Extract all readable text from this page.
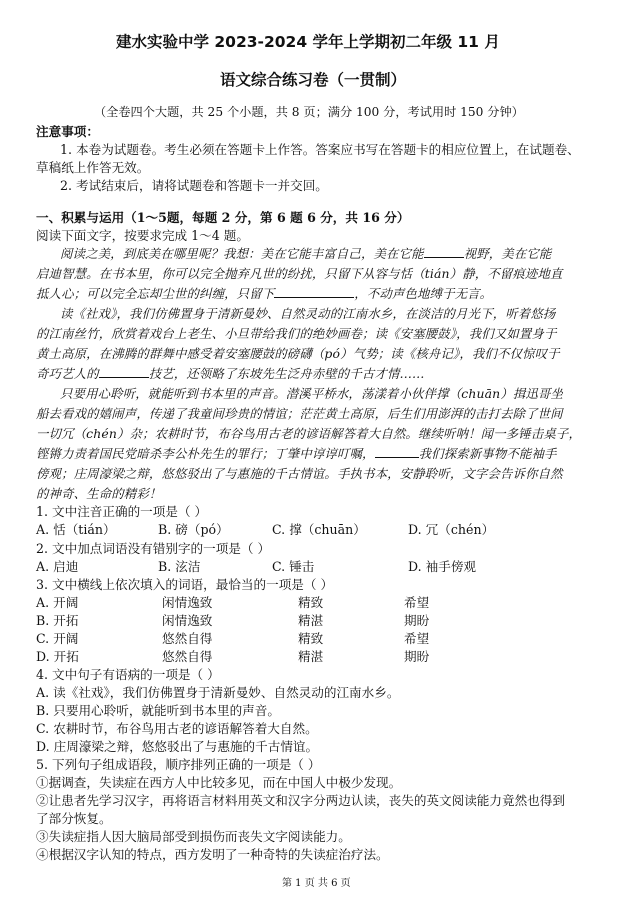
建水实验中学 2023-2024 学年上学期初二年级 11 月
语文综合练习卷（一贯制）
（全卷四个大题，共 25 个小题，共 8 页；满分 100 分，考试用时 150 分钟）
注意事项：
1. 本卷为试题卷。考生必须在答题卡上作答。答案应书写在答题卡的相应位置上，在试题卷、
草稿纸上作答无效。
2. 考试结束后，请将试题卷和答题卡一并交回。
一、积累与运用（1～5题，每题 2 分，第 6 题 6 分，共 16 分）
阅读下面文字，按要求完成 1～4 题。
阅读之美，到底美在哪里呢？我想：美在它能丰富自己，美在它能	视野，美在它能
启迪智慧。在书本里，你可以完全抛弃凡世的纷扰，只留下从容与恬（tián）静，不留痕迹地直
抵人心；可以完全忘却尘世的纠缠，只留下	，不动声色地缚于无言。
读《社戏》，我们仿佛置身于清新曼妙、自然灵动的江南水乡，在淡洁的月光下，听着悠扬
的江南丝竹，欣赏着戏台上老生、小旦带给我们的绝妙画卷；读《安塞腰鼓》，我们又如置身于
黄土高原，在沸腾的群舞中感受着安塞腰鼓的磅礴（pó）气势；读《核舟记》，我们不仅惊叹于
奇巧艺人的	技艺，还领略了东坡先生泛舟赤壁的千古才情……
只要用心聆听，就能听到书本里的声音。潜溪平桥水，荡漾着小伙伴撑（chuān）揖迅哥坐
船去看戏的嬉闹声，传递了我童间珍贵的情谊；茫茫黄土高原，后生们用澎湃的击打去除了世间
一切冗（chén）杂；农耕时节，布谷鸟用古老的谚语解答着大自然。继续听呐！闻一多锤击桌子，
铿锵力责着国民党暗杀李公朴先生的罪行；丁肇中谆谆叮嘱，	我们探索新事物不能袖手
傍观；庄周濠梁之辩，悠悠驳出了与惠施的千古情谊。手执书本，安静聆听，文字会告诉你自然
的神奇、生命的精彩！
1. 文中注音正确的一项是（ ）
A. 恬（tián）	B. 磅（pó）	C. 撑（chuān）	D. 冗（chén）
2. 文中加点词语没有错别字的一项是（ ）
A. 启迪	B. 泫洁	C. 锤击	D. 袖手傍观
3. 文中横线上依次填入的词语，最恰当的一项是（ ）
A. 开阔	闲情逸致	精致	希望
B. 开拓	闲情逸致	精湛	期盼
C. 开阔	悠然自得	精致	希望
D. 开拓	悠然自得	精湛	期盼
4. 文中句子有语病的一项是（ ）
A. 读《社戏》，我们仿佛置身于清新曼妙、自然灵动的江南水乡。
B. 只要用心聆听，就能听到书本里的声音。
C. 农耕时节，布谷鸟用古老的谚语解答着大自然。
D. 庄周濠梁之辩，悠悠驳出了与惠施的千古情谊。
5. 下列句子组成语段，顺序排列正确的一项是（ ）
①据调查，失读症在西方人中比较多见，而在中国人中极少发现。
②让患者先学习汉字，再将语言材料用英文和汉字分两边认读，丧失的英文阅读能力竟然也得到
了部分恢复。
③失读症指人因大脑局部受到损伤而丧失文字阅读能力。
④根据汉字认知的特点，西方发明了一种奇特的失读症治疗法。
第 1 页 共 6 页
